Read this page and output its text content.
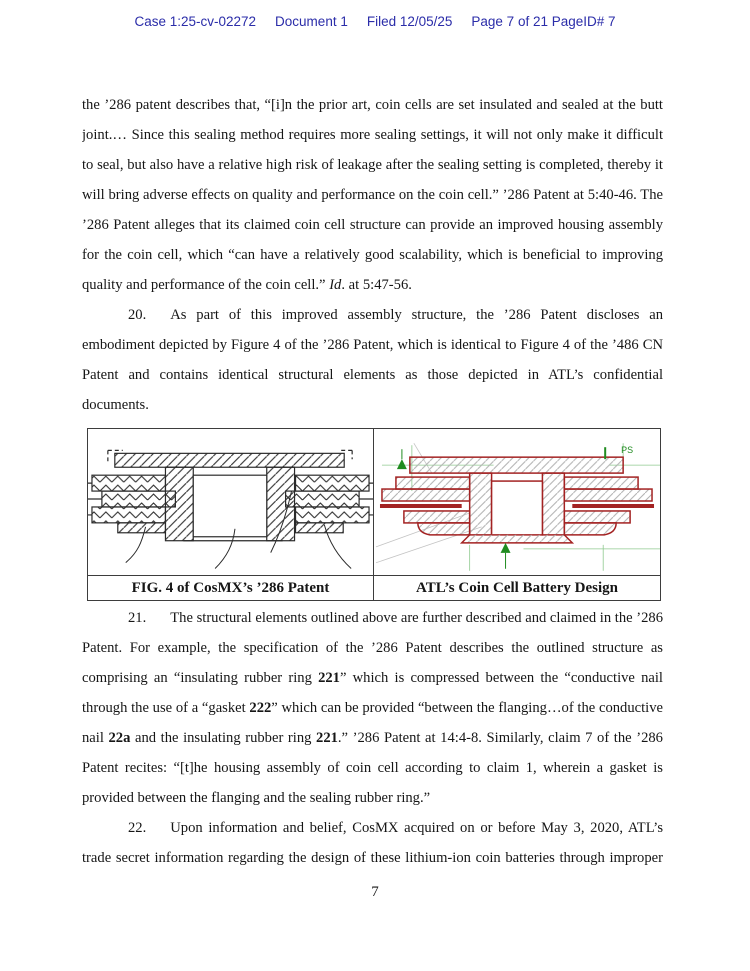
Case 1:25-cv-02272 Document 1 Filed 12/05/25 Page 7 of 21 PageID# 7
the ’286 patent describes that, “[i]n the prior art, coin cells are set insulated and sealed at the butt
joint.… Since this sealing method requires more sealing settings, it will not only make it difficult
to seal, but also have a relative high risk of leakage after the sealing setting is completed, thereby it
will bring adverse effects on quality and performance on the coin cell.” ’286 Patent at 5:40-46. The
’286 Patent alleges that its claimed coin cell structure can provide an improved housing assembly
for the coin cell, which “can have a relatively good scalability, which is beneficial to improving
quality and performance of the coin cell.” Id. at 5:47-56.
20. As part of this improved assembly structure, the ’286 Patent discloses an
embodiment depicted by Figure 4 of the ’286 Patent, which is identical to Figure 4 of the ’486 CN
Patent and contains identical structural elements as those depicted in ATL’s confidential
documents.
PS
FIG. 4 of CosMX’s ’286 Patent	ATL’s Coin Cell Battery Design
21. The structural elements outlined above are further described and claimed in the ’286
Patent. For example, the specification of the ’286 Patent describes the outlined structure as
comprising an “insulating rubber ring 221” which is compressed between the “conductive nail
through the use of a “gasket 222” which can be provided “between the flanging…of the conductive
nail 22a and the insulating rubber ring 221.” ’286 Patent at 14:4-8. Similarly, claim 7 of the ’286
Patent recites: “[t]he housing assembly of coin cell according to claim 1, wherein a gasket is
provided between the flanging and the sealing rubber ring.”
22. Upon information and belief, CosMX acquired on or before May 3, 2020, ATL’s
trade secret information regarding the design of these lithium-ion coin batteries through improper
7
